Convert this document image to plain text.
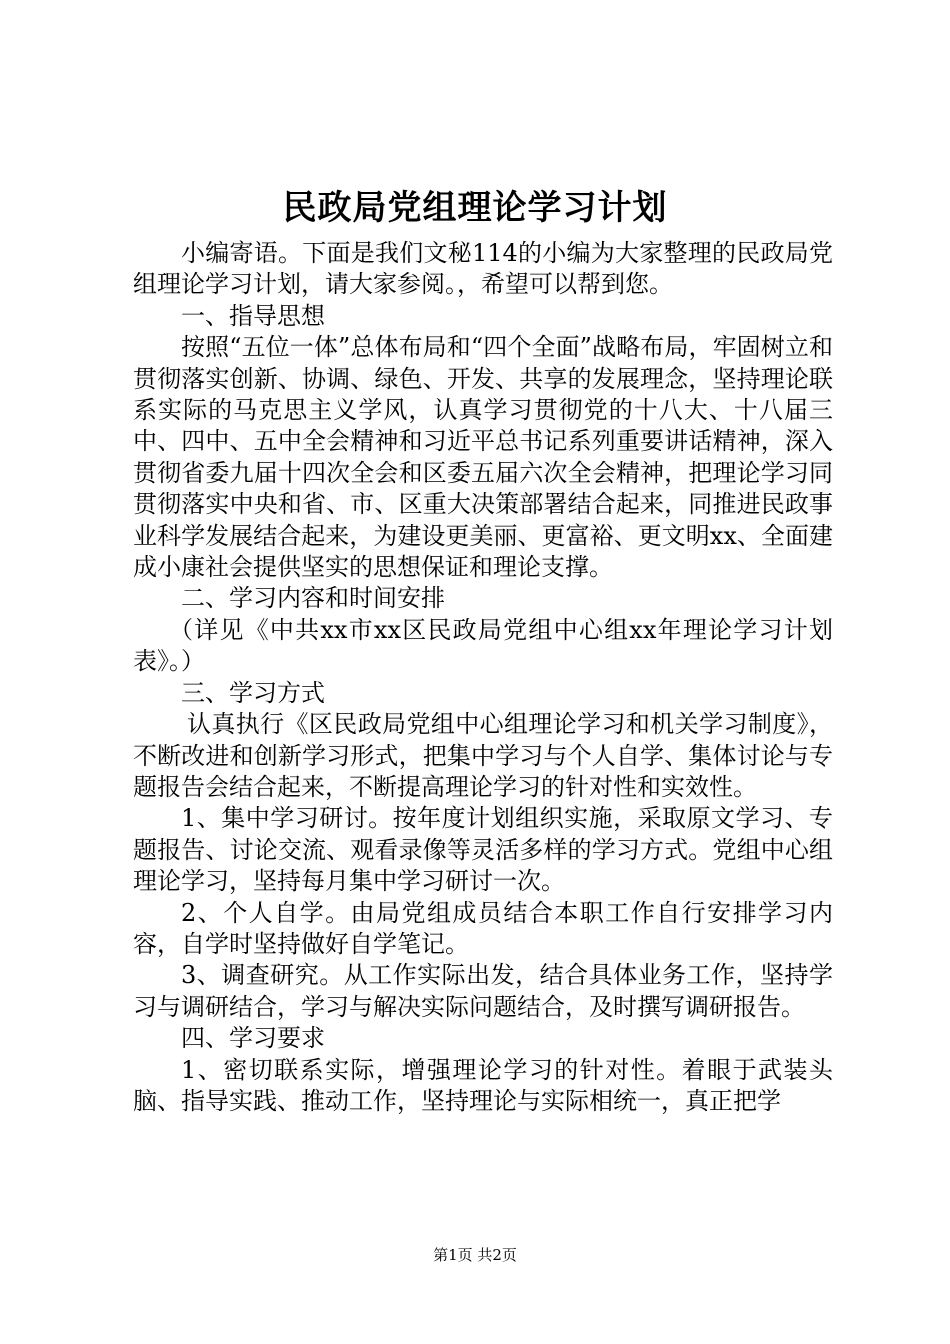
民政局党组理论学习计划

小编寄语。下面是我们文秘114的小编为大家整理的民政局党组理论学习计划，请大家参阅。，希望可以帮到您。

一、指导思想

按照“五位一体”总体布局和“四个全面”战略布局，牢固树立和贯彻落实创新、协调、绿色、开发、共享的发展理念，坚持理论联系实际的马克思主义学风，认真学习贯彻党的十八大、十八届三中、四中、五中全会精神和习近平总书记系列重要讲话精神，深入贯彻省委九届十四次全会和区委五届六次全会精神，把理论学习同贯彻落实中央和省、市、区重大决策部署结合起来，同推进民政事业科学发展结合起来，为建设更美丽、更富裕、更文明xx、全面建成小康社会提供坚实的思想保证和理论支撑。

二、学习内容和时间安排

（详见《中共xx市xx区民政局党组中心组xx年理论学习计划表》。）

三、学习方式

认真执行《区民政局党组中心组理论学习和机关学习制度》，不断改进和创新学习形式，把集中学习与个人自学、集体讨论与专题报告会结合起来，不断提高理论学习的针对性和实效性。

1、集中学习研讨。按年度计划组织实施，采取原文学习、专题报告、讨论交流、观看录像等灵活多样的学习方式。党组中心组理论学习，坚持每月集中学习研讨一次。

2、个人自学。由局党组成员结合本职工作自行安排学习内容，自学时坚持做好自学笔记。

3、调查研究。从工作实际出发，结合具体业务工作，坚持学习与调研结合，学习与解决实际问题结合，及时撰写调研报告。

四、学习要求

1、密切联系实际，增强理论学习的针对性。着眼于武装头脑、指导实践、推动工作，坚持理论与实际相统一，真正把学

第1页 共2页
